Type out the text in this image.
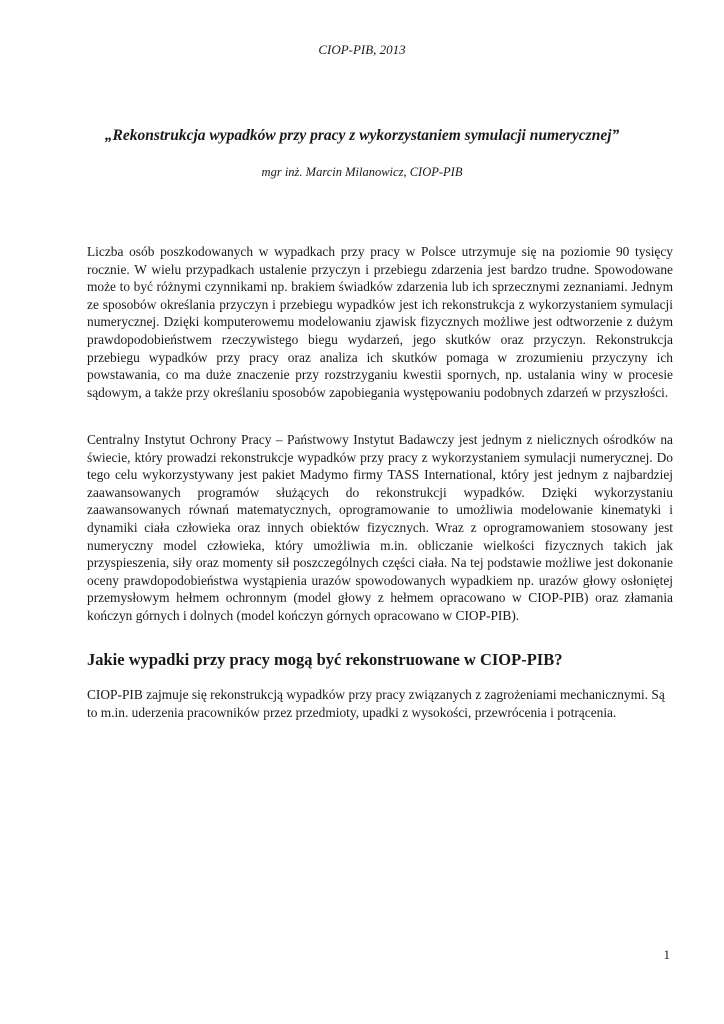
CIOP-PIB, 2013
„Rekonstrukcja wypadków przy pracy z wykorzystaniem symulacji numerycznej”
mgr inż. Marcin Milanowicz, CIOP-PIB

Liczba osób poszkodowanych w wypadkach przy pracy w Polsce utrzymuje się na poziomie 90 tysięcy rocznie. W wielu przypadkach ustalenie przyczyn i przebiegu zdarzenia jest bardzo trudne. Spowodowane może to być różnymi czynnikami np. brakiem świadków zdarzenia lub ich sprzecznymi zeznaniami. Jednym ze sposobów określania przyczyn i przebiegu wypadków jest ich rekonstrukcja z wykorzystaniem symulacji numerycznej. Dzięki komputerowemu modelowaniu zjawisk fizycznych możliwe jest odtworzenie z dużym prawdopodobieństwem rzeczywistego biegu wydarzeń, jego skutków oraz przyczyn. Rekonstrukcja przebiegu wypadków przy pracy oraz analiza ich skutków pomaga w zrozumieniu przyczyny ich powstawania, co ma duże znaczenie przy rozstrzyganiu kwestii spornych, np. ustalania winy w procesie sądowym, a także przy określaniu sposobów zapobiegania występowaniu podobnych zdarzeń w przyszłości.

Centralny Instytut Ochrony Pracy – Państwowy Instytut Badawczy jest jednym z nielicznych ośrodków na świecie, który prowadzi rekonstrukcje wypadków przy pracy z wykorzystaniem symulacji numerycznej. Do tego celu wykorzystywany jest pakiet Madymo firmy TASS International, który jest jednym z najbardziej zaawansowanych programów służących do rekonstrukcji wypadków. Dzięki wykorzystaniu zaawansowanych równań matematycznych, oprogramowanie to umożliwia modelowanie kinematyki i dynamiki ciała człowieka oraz innych obiektów fizycznych. Wraz z oprogramowaniem stosowany jest numeryczny model człowieka, który umożliwia m.in. obliczanie wielkości fizycznych takich jak przyspieszenia, siły oraz momenty sił poszczególnych części ciała. Na tej podstawie możliwe jest dokonanie oceny prawdopodobieństwa wystąpienia urazów spowodowanych wypadkiem np. urazów głowy osłoniętej przemysłowym hełmem ochronnym (model głowy z hełmem opracowano w CIOP-PIB) oraz złamania kończyn górnych i dolnych (model kończyn górnych opracowano w CIOP-PIB).

Jakie wypadki przy pracy mogą być rekonstruowane w CIOP-PIB?

CIOP-PIB zajmuje się rekonstrukcją wypadków przy pracy związanych z zagrożeniami mechanicznymi. Są to m.in. uderzenia pracowników przez przedmioty, upadki z wysokości, przewrócenia i potrącenia.

1
